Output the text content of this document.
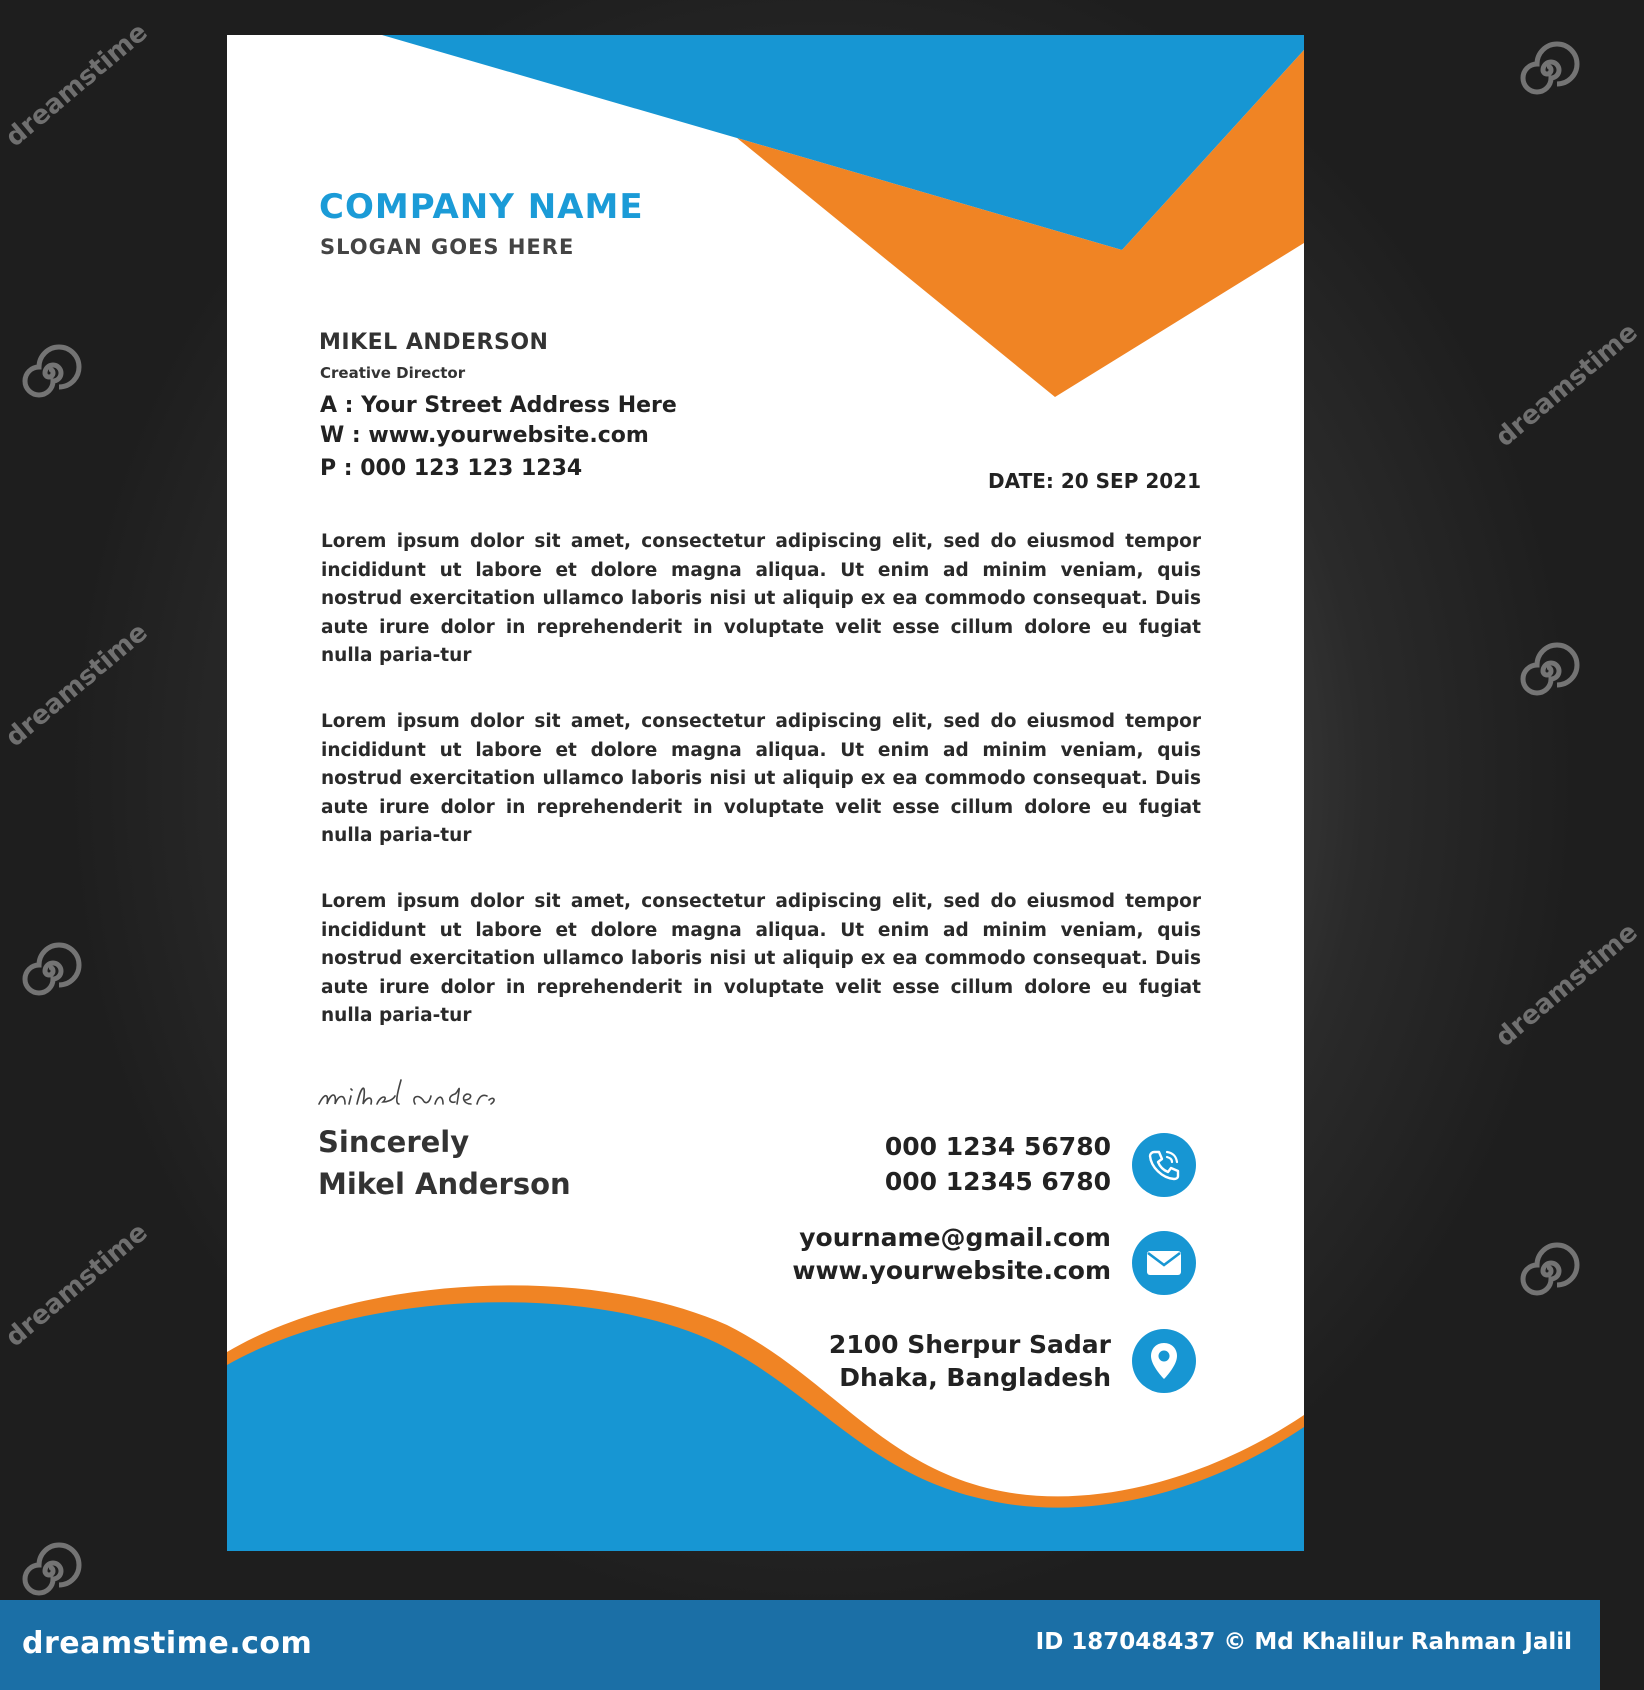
COMPANY NAME
SLOGAN GOES HERE
MIKEL ANDERSON
Creative Director
A : Your Street Address Here
W : www.yourwebsite.com
P : 000 123 123 1234	DATE: 20 SEP 2021

Lorem ipsum dolor sit amet, consectetur adipiscing elit, sed do eiusmod tempor incididunt ut labore et dolore magna aliqua. Ut enim ad minim veniam, quis nostrud exercitation ullamco laboris nisi ut aliquip ex ea commodo consequat. Duis aute irure dolor in reprehenderit in voluptate velit esse cillum dolore eu fugiat nulla paria-tur

Lorem ipsum dolor sit amet, consectetur adipiscing elit, sed do eiusmod tempor incididunt ut labore et dolore magna aliqua. Ut enim ad minim veniam, quis nostrud exercitation ullamco laboris nisi ut aliquip ex ea commodo consequat. Duis aute irure dolor in reprehenderit in voluptate velit esse cillum dolore eu fugiat nulla paria-tur

Lorem ipsum dolor sit amet, consectetur adipiscing elit, sed do eiusmod tempor incididunt ut labore et dolore magna aliqua. Ut enim ad minim veniam, quis nostrud exercitation ullamco laboris nisi ut aliquip ex ea commodo consequat. Duis aute irure dolor in reprehenderit in voluptate velit esse cillum dolore eu fugiat nulla paria-tur

Sincerely
Mikel Anderson
000 1234 56780
000 12345 6780
yourname@gmail.com
www.yourwebsite.com
2100 Sherpur Sadar
Dhaka, Bangladesh
dreamstime
dreamstime
dreamstime
dreamstime
dreamstime
dreamstime.com	ID 187048437 © Md Khalilur Rahman Jalil
